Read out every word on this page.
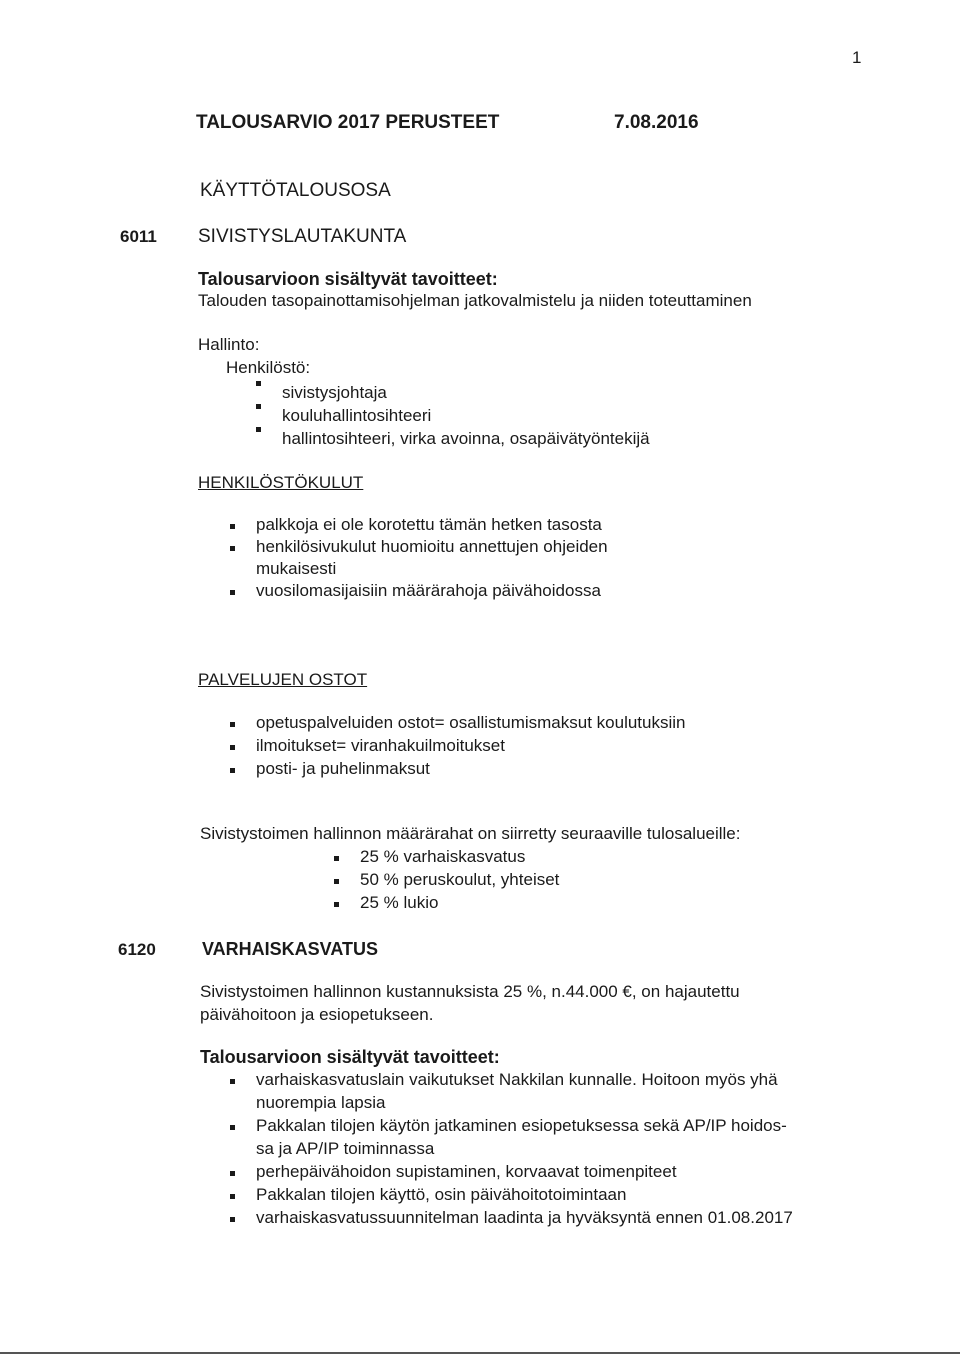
1
TALOUSARVIO 2017 PERUSTEET	7.08.2016
KÄYTTÖTALOUSOSA
6011 SIVISTYSLAUTAKUNTA
Talousarvioon sisältyvät tavoitteet:
Talouden tasopainottamisohjelman jatkovalmistelu ja niiden toteuttaminen
Hallinto:
Henkilöstö:
sivistysjohtaja
kouluhallintosihteeri
hallintosihteeri, virka avoinna, osapäivätyöntekijä
HENKILÖSTÖKULUT
palkkoja ei ole korotettu tämän hetken tasosta
henkilösivukulut huomioitu annettujen ohjeiden
mukaisesti
vuosilomasijaisiin määrärahoja päivähoidossa
PALVELUJEN OSTOT
opetuspalveluiden ostot= osallistumismaksut koulutuksiin
ilmoitukset= viranhakuilmoitukset
posti- ja puhelinmaksut
Sivistystoimen hallinnon määrärahat on siirretty seuraaville tulosalueille:
25 % varhaiskasvatus
50 % peruskoulut, yhteiset
25 % lukio
6120	VARHAISKASVATUS
Sivistystoimen hallinnon kustannuksista 25 %, n.44.000 €, on hajautettu
päivähoitoon ja esiopetukseen.
Talousarvioon sisältyvät tavoitteet:
varhaiskasvatuslain vaikutukset Nakkilan kunnalle. Hoitoon myös yhä
nuorempia lapsia
Pakkalan tilojen käytön jatkaminen esiopetuksessa sekä AP/IP hoidos-
sa ja AP/IP toiminnassa
perhepäivähoidon supistaminen, korvaavat toimenpiteet
Pakkalan tilojen käyttö, osin päivähoitotoimintaan
varhaiskasvatussuunnitelman laadinta ja hyväksyntä ennen 01.08.2017
